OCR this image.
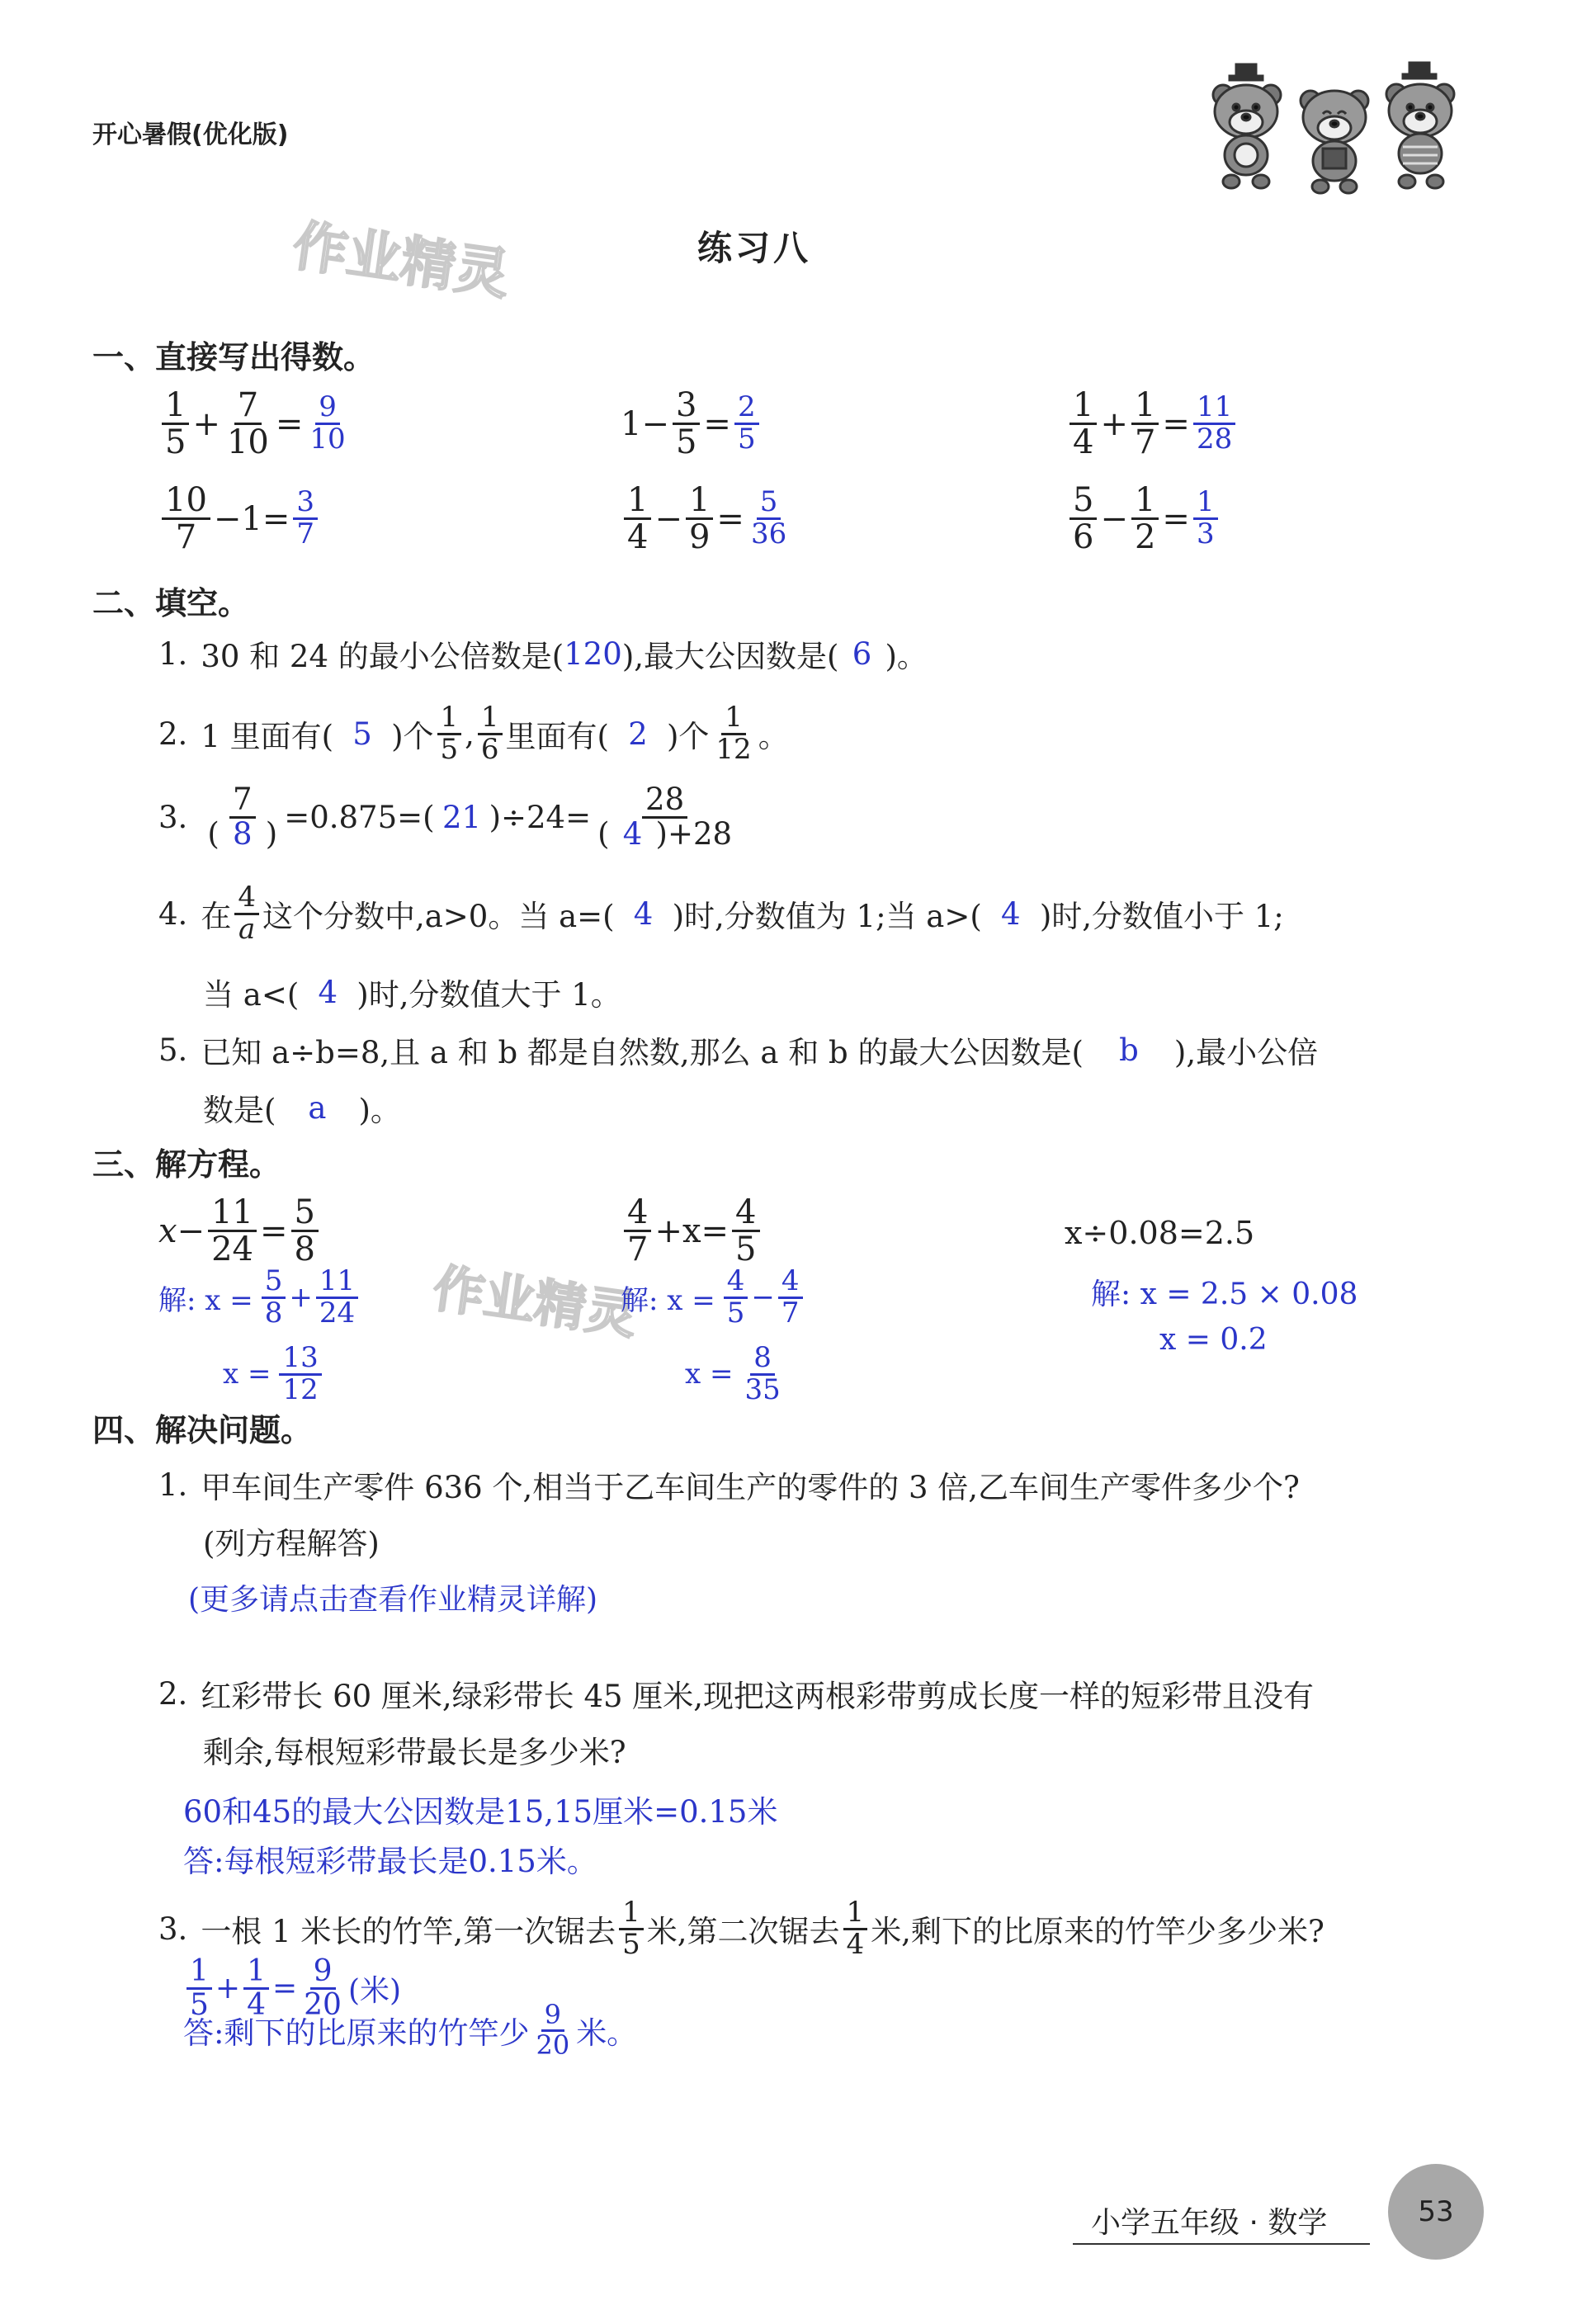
开心暑假(优化版)
作业精灵
作业精灵
练习八
一、直接写出得数。
$\frac{1}{5} + \frac{7}{10} = \frac{9}{10}$	$1- \frac{3}{5} = \frac{2}{5}$	$\frac{1}{4} + \frac{1}{7} = \frac{11}{28}$
$\frac{10}{7} -1= \frac{3}{7}$	$\frac{1}{4} - \frac{1}{9} = \frac{5}{36}$	$\frac{5}{6} - \frac{1}{2} = \frac{1}{3}$
二、填空。
1. 30 和 24 的最小公倍数是( 120 ),最大公因数是( 6 )。
2. 1 里面有( 5 )个 $\frac{1}{5}$ , $\frac{1}{6}$ 里面有( 2 )个 $\frac{1}{12}$ 。
3. $\frac{7}{( 8 )} =0.875=$( 21 )$\div 24= \frac{28}{( 4 )+28}$
4. 在 $\frac{4}{a}$ 这个分数中,a>0。当 a=( 4 )时,分数值为 1;当 a>( 4 )时,分数值小于 1;
当 a<( 4 )时,分数值大于 1。
5. 已知 a÷b=8,且 a 和 b 都是自然数,那么 a 和 b 的最大公因数是(	b	),最小公倍
数是(	a	)。
三、解方程。
$x- \frac{11}{24} = \frac{5}{8}$
解: $x = \frac{5}{8} + \frac{11}{24}$
$x = \frac{13}{12}$
$\frac{4}{7} +x= \frac{4}{5}$
解: $x = \frac{4}{5} - \frac{4}{7}$
$x = \frac{8}{35}$
x÷0.08=2.5
解: x = 2.5 × 0.08
x = 0.2
四、解决问题。
1. 甲车间生产零件 636 个,相当于乙车间生产的零件的 3 倍,乙车间生产零件多少个?
(列方程解答)
(更多请点击查看作业精灵详解)
2. 红彩带长 60 厘米,绿彩带长 45 厘米,现把这两根彩带剪成长度一样的短彩带且没有
剩余,每根短彩带最长是多少米?
60和45的最大公因数是15,15厘米=0.15米
答:每根短彩带最长是0.15米。
3. 一根 1 米长的竹竿,第一次锯去 $\frac{1}{5}$ 米,第二次锯去 $\frac{1}{4}$ 米,剩下的比原来的竹竿少多少米?
$\frac{1}{5} + \frac{1}{4} = \frac{9}{20}$ (米)
答:剩下的比原来的竹竿少 $\frac{9}{20}$ 米。
小学五年级 · 数学	53
